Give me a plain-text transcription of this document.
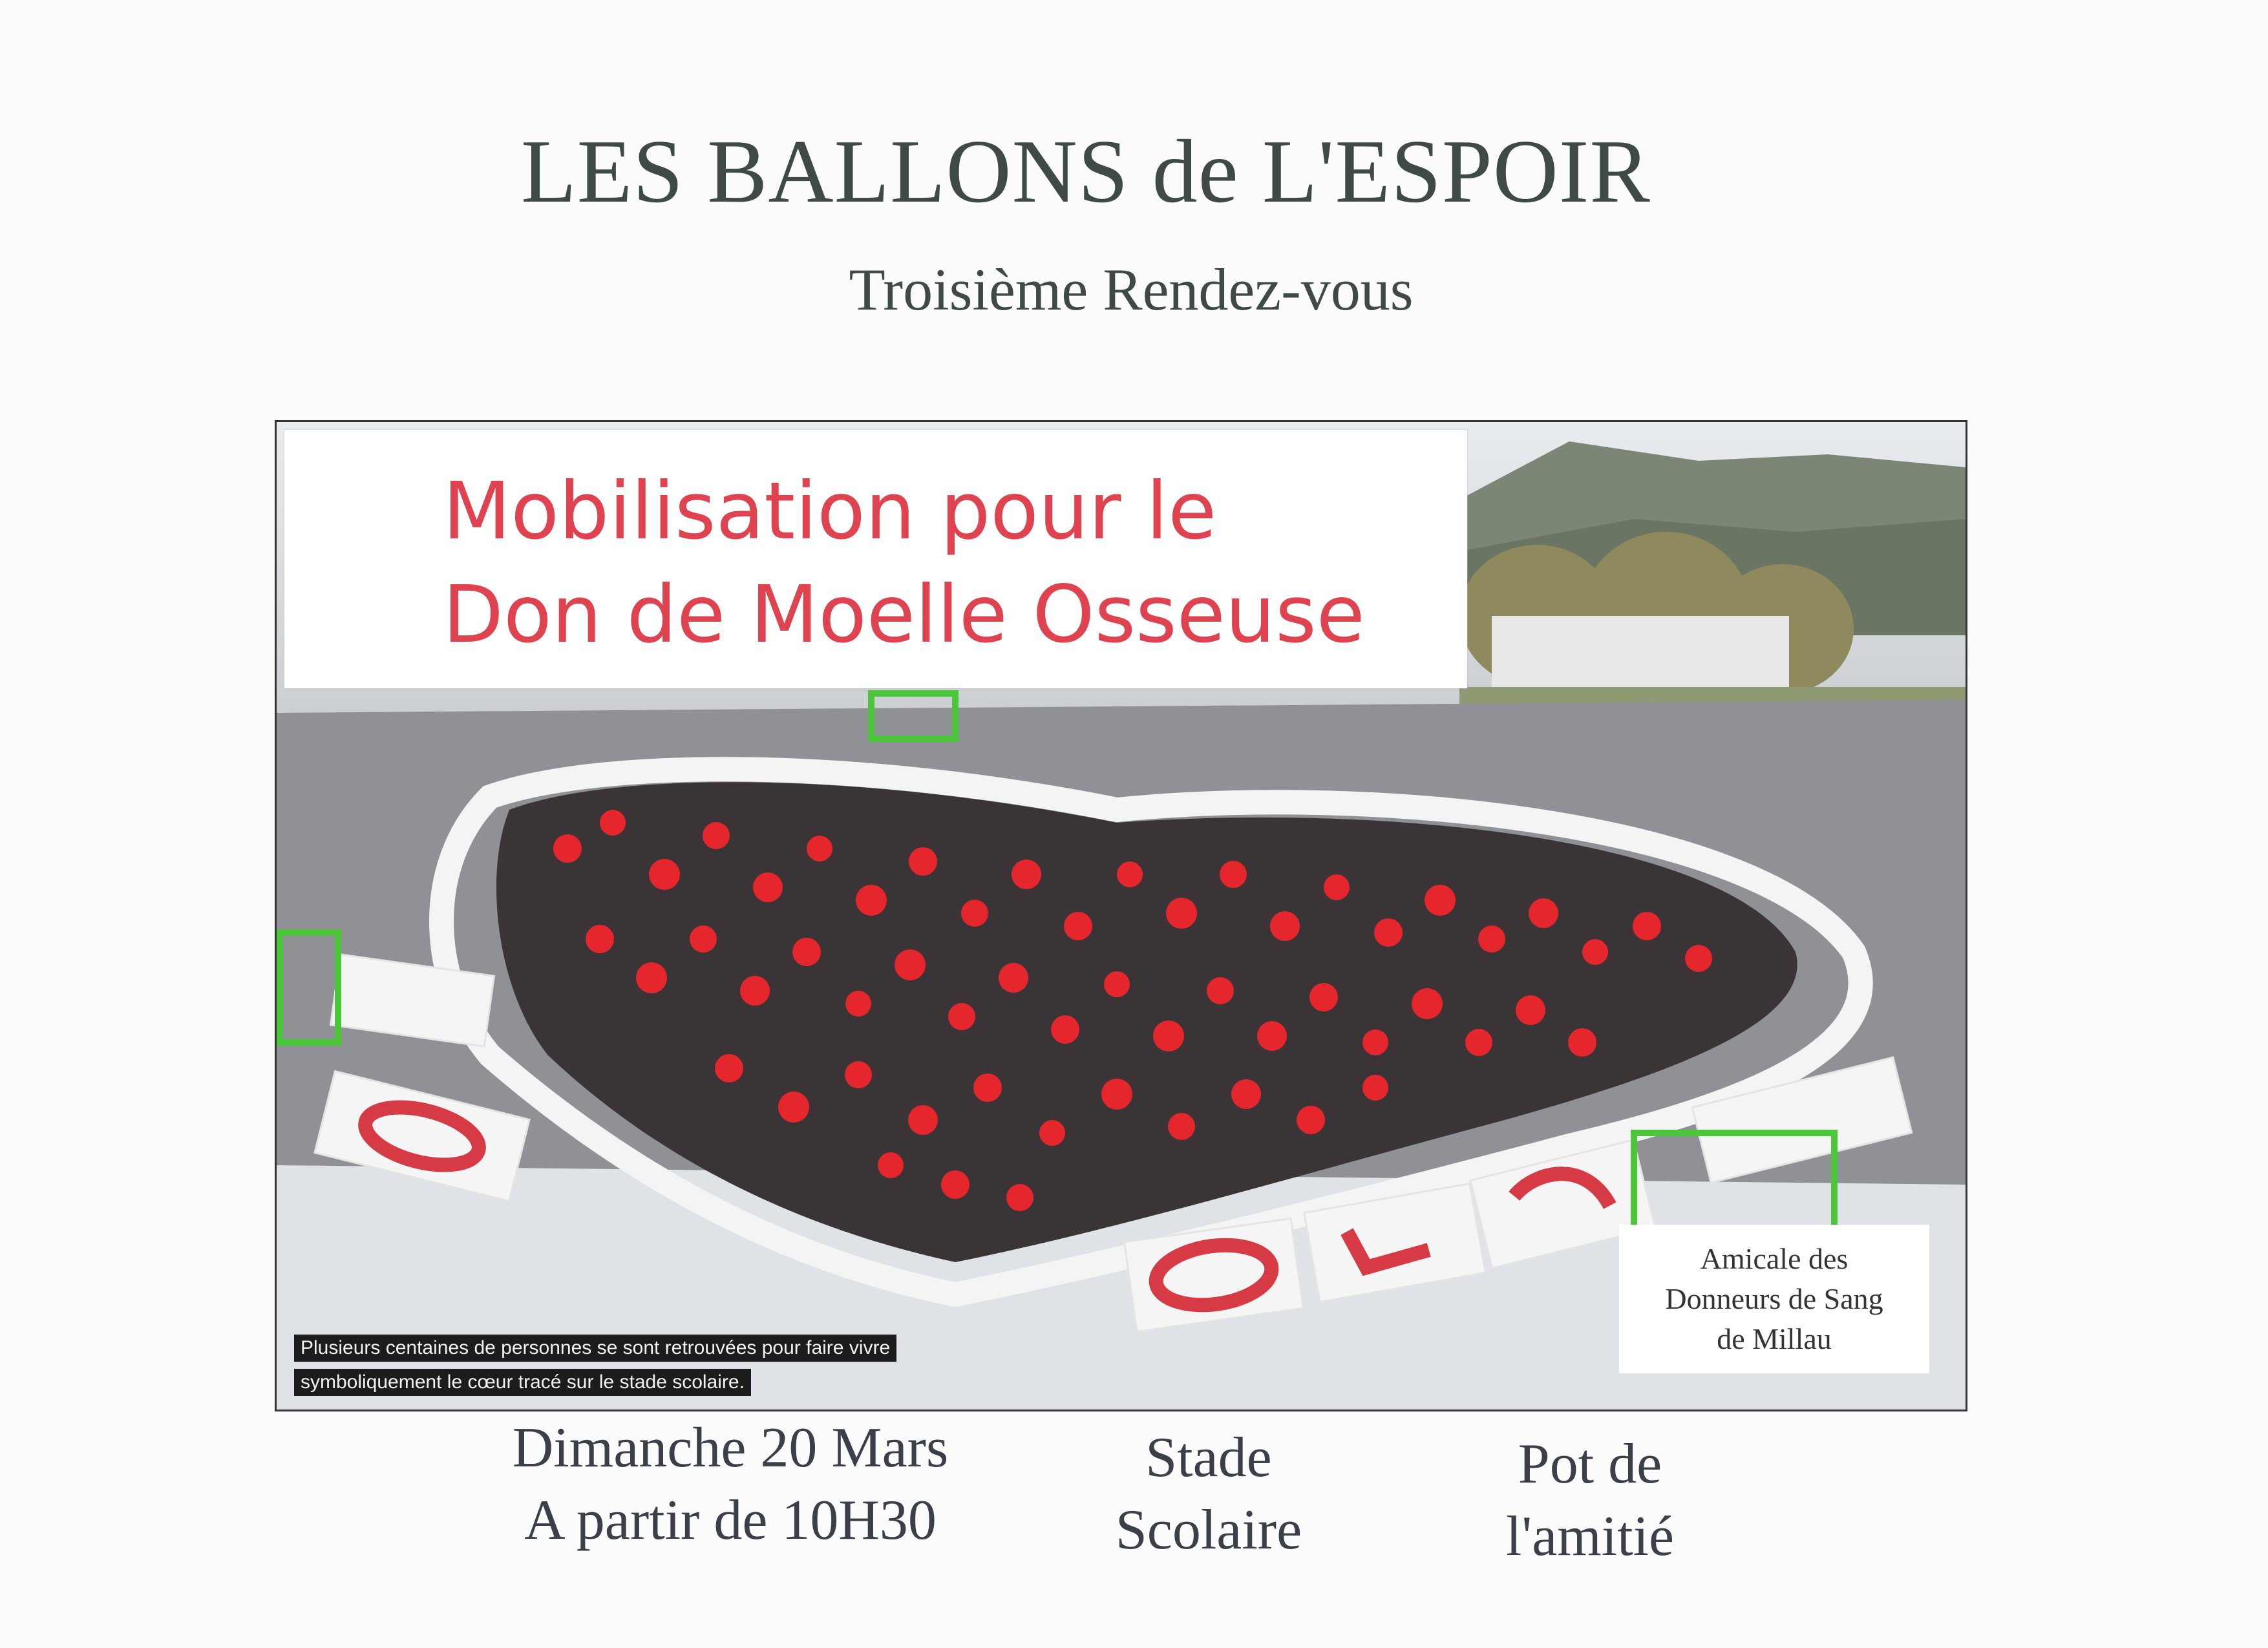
LES BALLONS de L'ESPOIR
Troisième Rendez-vous
Mobilisation pour le
Don de Moelle Osseuse
Plusieurs centaines de personnes se sont retrouvées pour faire vivre
symboliquement le cœur tracé sur le stade scolaire.
Amicale des
Donneurs de Sang
de Millau
Dimanche 20 Mars
A partir de 10H30
Stade
Scolaire
Pot de
l'amitié
